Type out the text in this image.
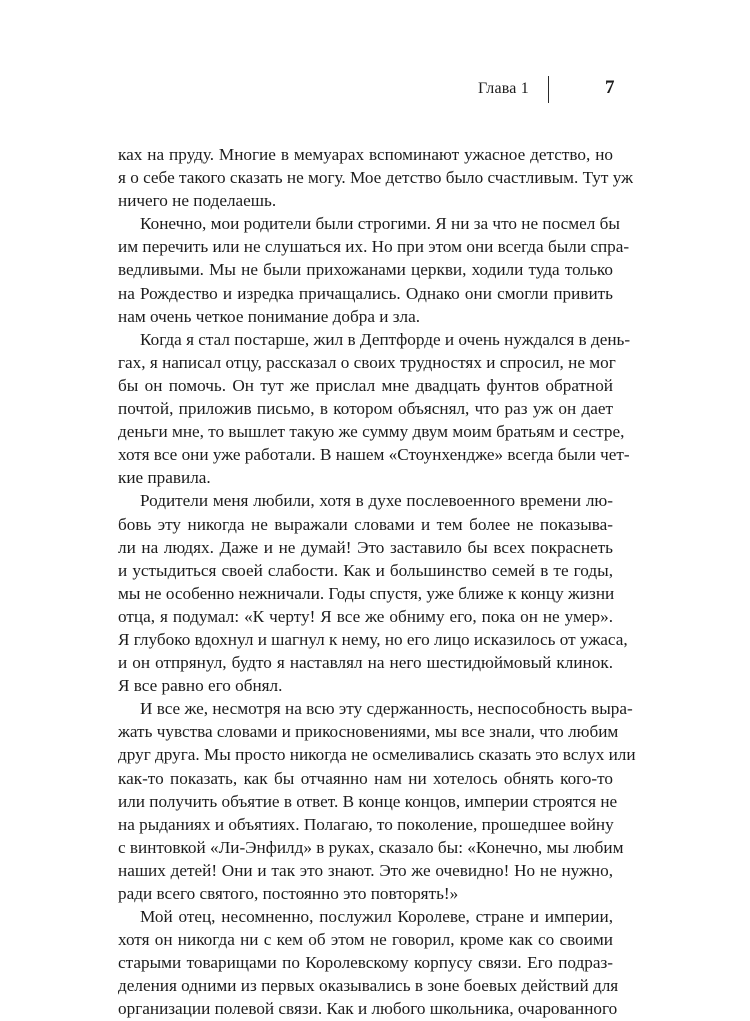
Глава 1	7
ках на пруду. Многие в мемуарах вспоминают ужасное детство, но
я о себе такого сказать не могу. Мое детство было счастливым. Тут уж
ничего не поделаешь.
Конечно, мои родители были строгими. Я ни за что не посмел бы
им перечить или не слушаться их. Но при этом они всегда были спра-
ведливыми. Мы не были прихожанами церкви, ходили туда только
на Рождество и изредка причащались. Однако они смогли привить
нам очень четкое понимание добра и зла.
Когда я стал постарше, жил в Дептфорде и очень нуждался в день-
гах, я написал отцу, рассказал о своих трудностях и спросил, не мог
бы он помочь. Он тут же прислал мне двадцать фунтов обратной
почтой, приложив письмо, в котором объяснял, что раз уж он дает
деньги мне, то вышлет такую же сумму двум моим братьям и сестре,
хотя все они уже работали. В нашем «Стоунхендже» всегда были чет-
кие правила.
Родители меня любили, хотя в духе послевоенного времени лю-
бовь эту никогда не выражали словами и тем более не показыва-
ли на людях. Даже и не думай! Это заставило бы всех покраснеть
и устыдиться своей слабости. Как и большинство семей в те годы,
мы не особенно нежничали. Годы спустя, уже ближе к концу жизни
отца, я подумал: «К черту! Я все же обниму его, пока он не умер».
Я глубоко вдохнул и шагнул к нему, но его лицо исказилось от ужаса,
и он отпрянул, будто я наставлял на него шестидюймовый клинок.
Я все равно его обнял.
И все же, несмотря на всю эту сдержанность, неспособность выра-
жать чувства словами и прикосновениями, мы все знали, что любим
друг друга. Мы просто никогда не осмеливались сказать это вслух или
как-то показать, как бы отчаянно нам ни хотелось обнять кого-то
или получить объятие в ответ. В конце концов, империи строятся не
на рыданиях и объятиях. Полагаю, то поколение, прошедшее войну
с винтовкой «Ли-Энфилд» в руках, сказало бы: «Конечно, мы любим
наших детей! Они и так это знают. Это же очевидно! Но не нужно,
ради всего святого, постоянно это повторять!»
Мой отец, несомненно, послужил Королеве, стране и империи,
хотя он никогда ни с кем об этом не говорил, кроме как со своими
старыми товарищами по Королевскому корпусу связи. Его подраз-
деления одними из первых оказывались в зоне боевых действий для
организации полевой связи. Как и любого школьника, очарованного
